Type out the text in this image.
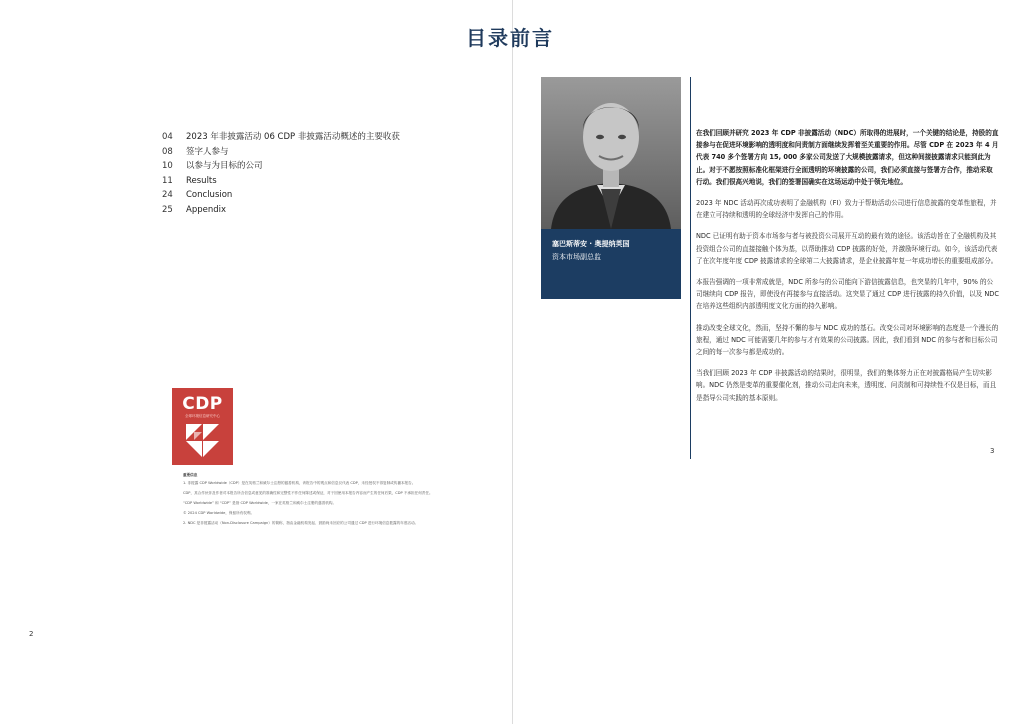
目录前言
04	2023 年非披露活动 06 CDP 非披露活动概述的主要收获
08	签字人参与
10	以参与为目标的公司
11	Results
24	Conclusion
25	Appendix
CDP
全球环境信息研究中心

重要信息

1. 非披露 CDP Worldwide（CDP）是在英格兰和威尔士注册的慈善机构，该报告中的观点和信息仅代表 CDP，未经授权不得复制或传播本报告。

CDP，其合作伙伴及作者对本报告所含信息或意见的准确性和完整性不作任何陈述或保证，对于因使用本报告内容而产生的任何后果，CDP 不承担任何责任。

“CDP Worldwide” 和 “CDP” 是指 CDP Worldwide，一家在英格兰和威尔士注册的慈善机构。

© 2024 CDP Worldwide，保留所有权利。

2. NDC 是非披露活动（Non-Disclosure Campaign）的简称，指由金融机构发起、鼓励尚未回应的公司通过 CDP 进行环境信息披露的年度活动。

2
塞巴斯蒂安 · 奥提纳英国
资本市场副总监

在我们回顾并研究 2023 年 CDP 非披露活动（NDC）所取得的进展时，一个关键的结论是，持股的直接参与在促进环境影响的透明度和问责制方面继续发挥着至关重要的作用。尽管 CDP 在 2023 年 4 月代表 740 多个签署方向 15, 000 多家公司发送了大规模披露请求，但这种间接披露请求只能到此为止。对于不愿按照标准化框架进行全面透明的环境披露的公司，我们必须直接与签署方合作，推动采取行动。我们很高兴地说，我们的签署国确实在这场运动中处于领先地位。

2023 年 NDC 活动再次成功表明了金融机构（FI）致力于帮助活动公司进行信息披露的变革性旅程，并在建立可持续和透明的全球经济中发挥自己的作用。

NDC 已证明有助于资本市场参与者与被投资公司展开互动的最有效的途径。该活动旨在了全融机构及其投资组合公司的直接接触个体为基，以帮助推动 CDP 披露的好处，并激励环境行动。如今，该活动代表了在次年度年度 CDP 披露请求的全球第二大披露请求，是企业披露年复一年成功增长的重要组成部分。

本报告强调的一项非常成就是，NDC 所参与的公司能向下游信披露信息，也突显的几年中，90% 的公司继续向 CDP 报告，即使没有再接参与直接活动。这突显了通过 CDP 进行披露的持久价值，以及 NDC 在培养这些组织内部透明度文化方面的持久影响。

推动改变全球文化，然而，坚持不懈的参与 NDC 成功的基石。改变公司对环境影响的态度是一个漫长的旅程，通过 NDC 可能需要几年的参与才有效果的公司披露。因此，我们看到 NDC 的参与者和目标公司之间的每一次参与都是成功的。

当我们回顾 2023 年 CDP 非披露活动的结果时，很明显，我们的集体努力正在对披露格局产生切实影响。NDC 仍然是变革的重要催化剂，推动公司走向未来，透明度、问责制和可持续性不仅是目标，而且是指导公司实践的基本原则。

3
